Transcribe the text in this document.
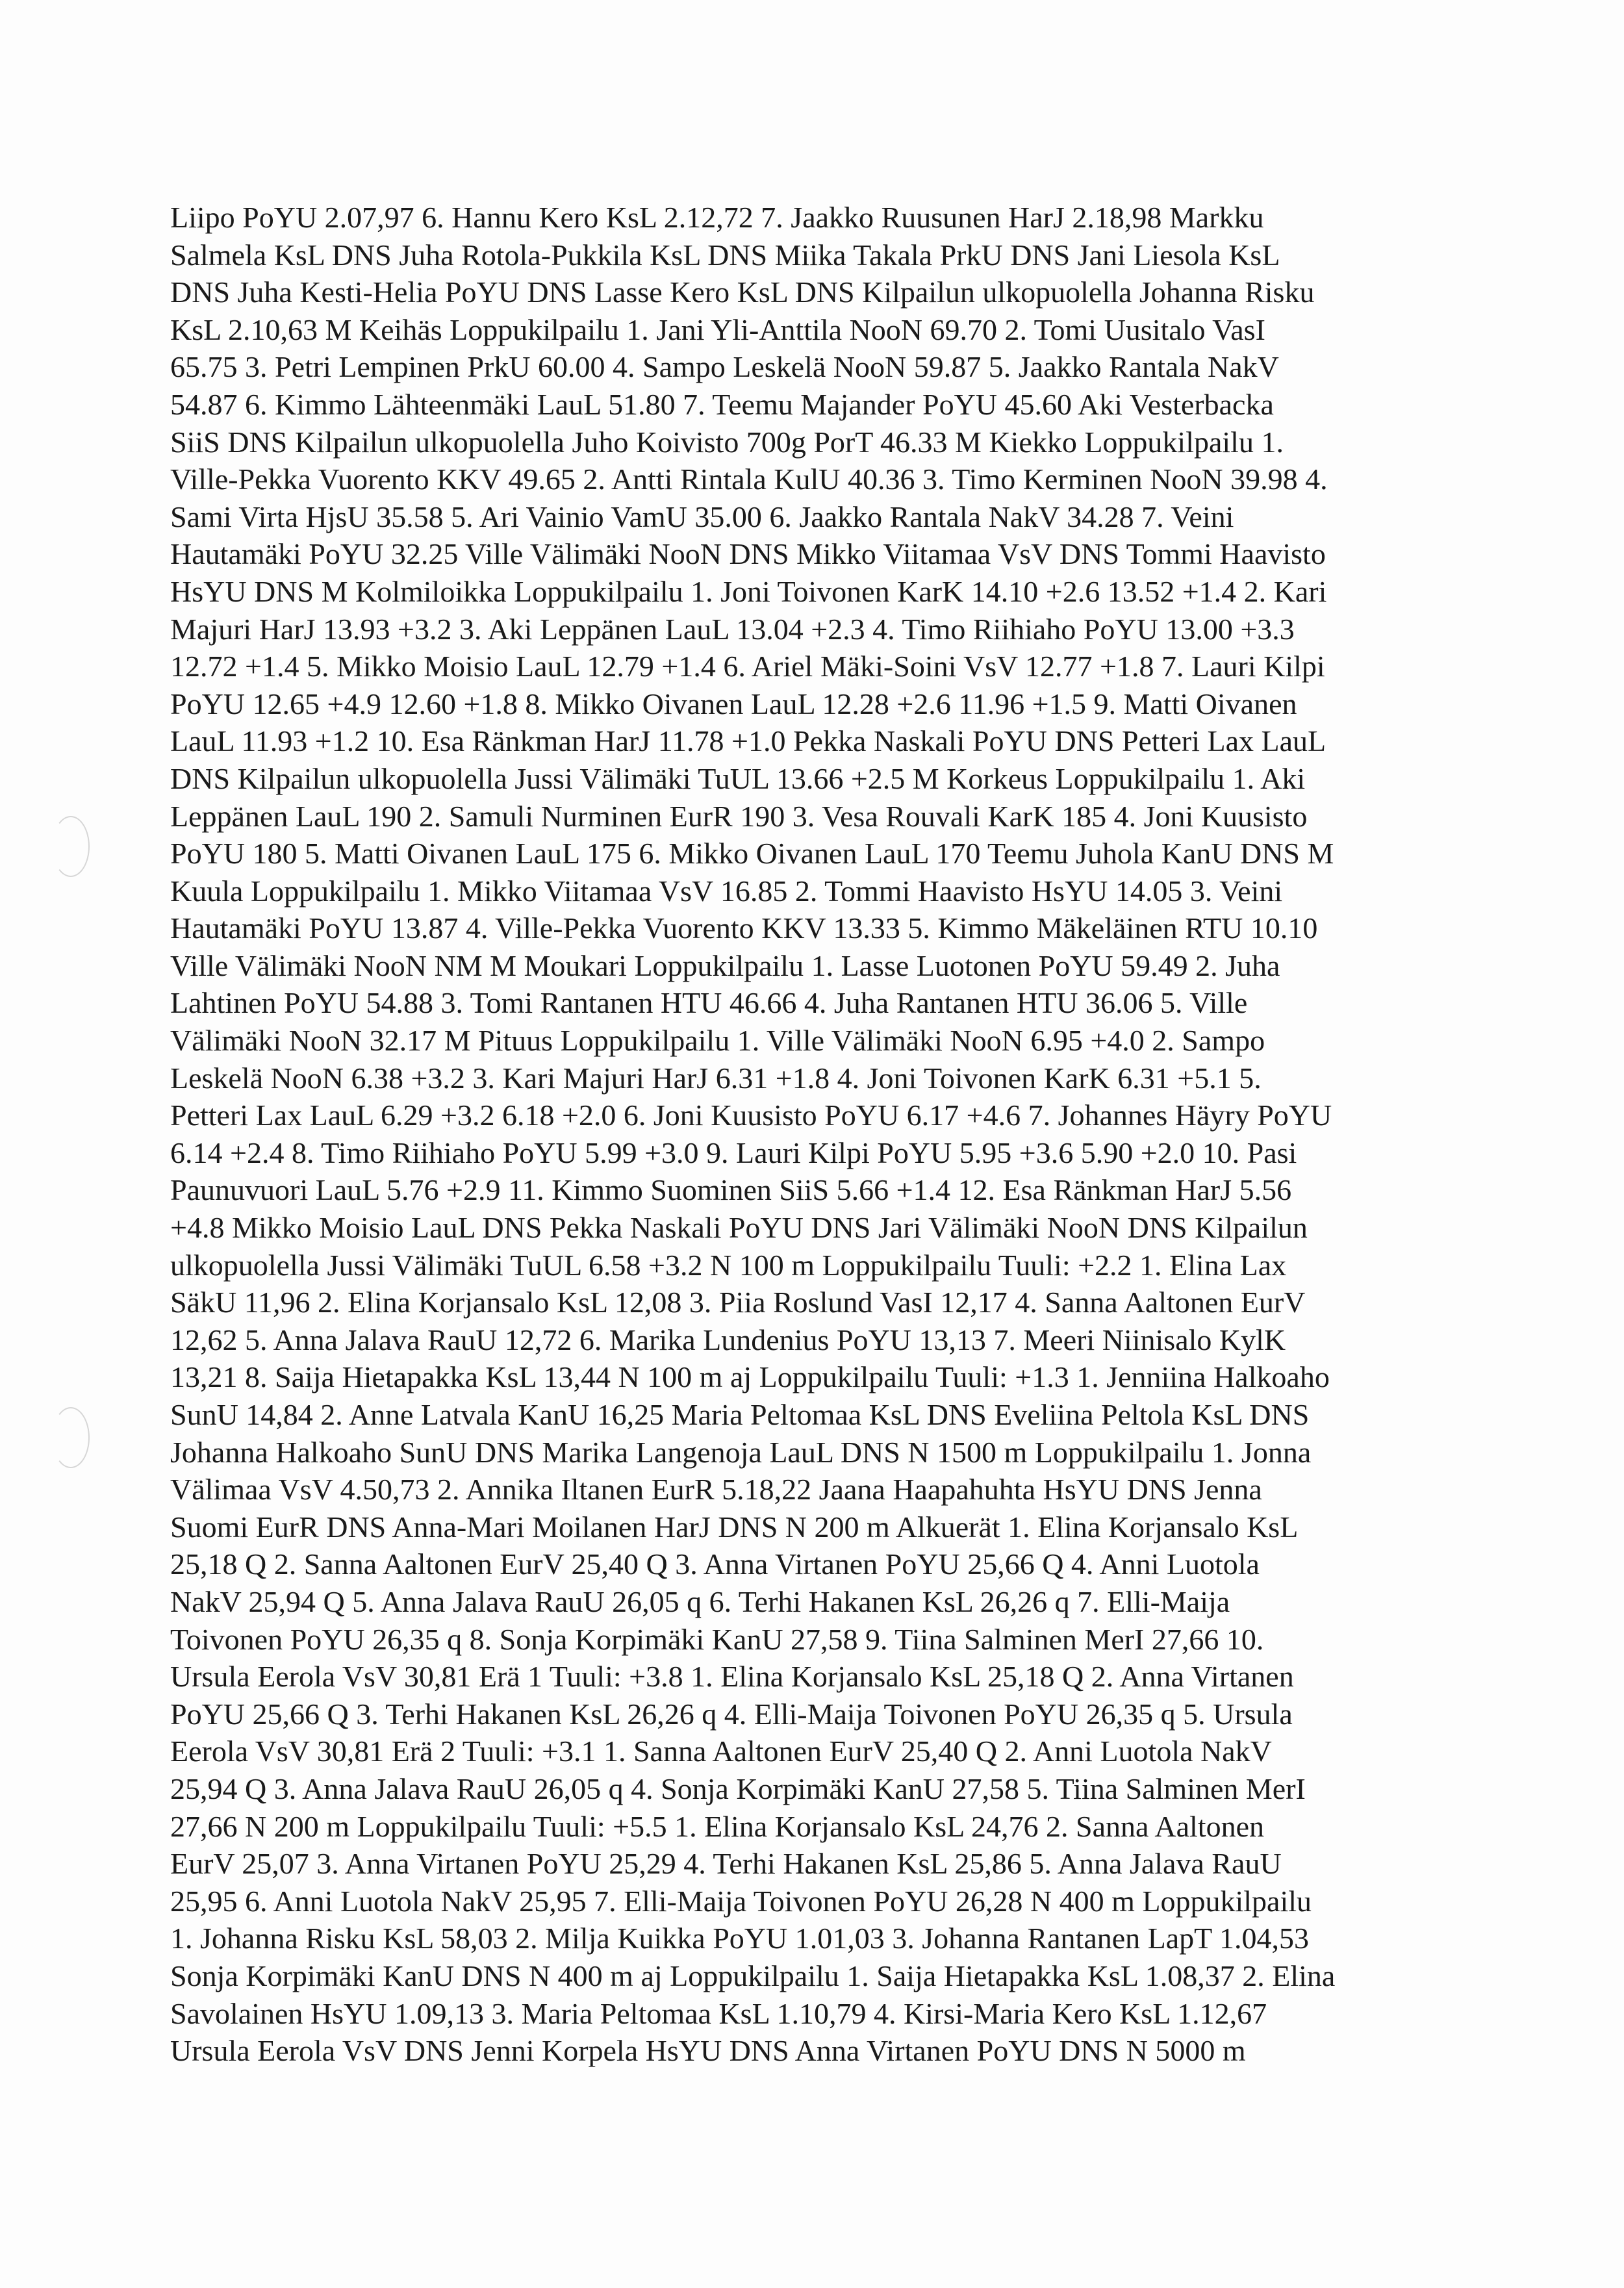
Liipo PoYU 2.07,97 6. Hannu Kero KsL 2.12,72 7. Jaakko Ruusunen HarJ 2.18,98 Markku
Salmela KsL DNS Juha Rotola-Pukkila KsL DNS Miika Takala PrkU DNS Jani Liesola KsL
DNS Juha Kesti-Helia PoYU DNS Lasse Kero KsL DNS Kilpailun ulkopuolella Johanna Risku
KsL 2.10,63 M Keihäs Loppukilpailu 1. Jani Yli-Anttila NooN 69.70 2. Tomi Uusitalo VasI
65.75 3. Petri Lempinen PrkU 60.00 4. Sampo Leskelä NooN 59.87 5. Jaakko Rantala NakV
54.87 6. Kimmo Lähteenmäki LauL 51.80 7. Teemu Majander PoYU 45.60 Aki Vesterbacka
SiiS DNS Kilpailun ulkopuolella Juho Koivisto 700g PorT 46.33 M Kiekko Loppukilpailu 1.
Ville-Pekka Vuorento KKV 49.65 2. Antti Rintala KulU 40.36 3. Timo Kerminen NooN 39.98 4.
Sami Virta HjsU 35.58 5. Ari Vainio VamU 35.00 6. Jaakko Rantala NakV 34.28 7. Veini
Hautamäki PoYU 32.25 Ville Välimäki NooN DNS Mikko Viitamaa VsV DNS Tommi Haavisto
HsYU DNS M Kolmiloikka Loppukilpailu 1. Joni Toivonen KarK 14.10 +2.6 13.52 +1.4 2. Kari
Majuri HarJ 13.93 +3.2 3. Aki Leppänen LauL 13.04 +2.3 4. Timo Riihiaho PoYU 13.00 +3.3
12.72 +1.4 5. Mikko Moisio LauL 12.79 +1.4 6. Ariel Mäki-Soini VsV 12.77 +1.8 7. Lauri Kilpi
PoYU 12.65 +4.9 12.60 +1.8 8. Mikko Oivanen LauL 12.28 +2.6 11.96 +1.5 9. Matti Oivanen
LauL 11.93 +1.2 10. Esa Ränkman HarJ 11.78 +1.0 Pekka Naskali PoYU DNS Petteri Lax LauL
DNS Kilpailun ulkopuolella Jussi Välimäki TuUL 13.66 +2.5 M Korkeus Loppukilpailu 1. Aki
Leppänen LauL 190 2. Samuli Nurminen EurR 190 3. Vesa Rouvali KarK 185 4. Joni Kuusisto
PoYU 180 5. Matti Oivanen LauL 175 6. Mikko Oivanen LauL 170 Teemu Juhola KanU DNS M
Kuula Loppukilpailu 1. Mikko Viitamaa VsV 16.85 2. Tommi Haavisto HsYU 14.05 3. Veini
Hautamäki PoYU 13.87 4. Ville-Pekka Vuorento KKV 13.33 5. Kimmo Mäkeläinen RTU 10.10
Ville Välimäki NooN NM M Moukari Loppukilpailu 1. Lasse Luotonen PoYU 59.49 2. Juha
Lahtinen PoYU 54.88 3. Tomi Rantanen HTU 46.66 4. Juha Rantanen HTU 36.06 5. Ville
Välimäki NooN 32.17 M Pituus Loppukilpailu 1. Ville Välimäki NooN 6.95 +4.0 2. Sampo
Leskelä NooN 6.38 +3.2 3. Kari Majuri HarJ 6.31 +1.8 4. Joni Toivonen KarK 6.31 +5.1 5.
Petteri Lax LauL 6.29 +3.2 6.18 +2.0 6. Joni Kuusisto PoYU 6.17 +4.6 7. Johannes Häyry PoYU
6.14 +2.4 8. Timo Riihiaho PoYU 5.99 +3.0 9. Lauri Kilpi PoYU 5.95 +3.6 5.90 +2.0 10. Pasi
Paunuvuori LauL 5.76 +2.9 11. Kimmo Suominen SiiS 5.66 +1.4 12. Esa Ränkman HarJ 5.56
+4.8 Mikko Moisio LauL DNS Pekka Naskali PoYU DNS Jari Välimäki NooN DNS Kilpailun
ulkopuolella Jussi Välimäki TuUL 6.58 +3.2 N 100 m Loppukilpailu Tuuli: +2.2 1. Elina Lax
SäkU 11,96 2. Elina Korjansalo KsL 12,08 3. Piia Roslund VasI 12,17 4. Sanna Aaltonen EurV
12,62 5. Anna Jalava RauU 12,72 6. Marika Lundenius PoYU 13,13 7. Meeri Niinisalo KylK
13,21 8. Saija Hietapakka KsL 13,44 N 100 m aj Loppukilpailu Tuuli: +1.3 1. Jenniina Halkoaho
SunU 14,84 2. Anne Latvala KanU 16,25 Maria Peltomaa KsL DNS Eveliina Peltola KsL DNS
Johanna Halkoaho SunU DNS Marika Langenoja LauL DNS N 1500 m Loppukilpailu 1. Jonna
Välimaa VsV 4.50,73 2. Annika Iltanen EurR 5.18,22 Jaana Haapahuhta HsYU DNS Jenna
Suomi EurR DNS Anna-Mari Moilanen HarJ DNS N 200 m Alkuerät 1. Elina Korjansalo KsL
25,18 Q 2. Sanna Aaltonen EurV 25,40 Q 3. Anna Virtanen PoYU 25,66 Q 4. Anni Luotola
NakV 25,94 Q 5. Anna Jalava RauU 26,05 q 6. Terhi Hakanen KsL 26,26 q 7. Elli-Maija
Toivonen PoYU 26,35 q 8. Sonja Korpimäki KanU 27,58 9. Tiina Salminen MerI 27,66 10.
Ursula Eerola VsV 30,81 Erä 1 Tuuli: +3.8 1. Elina Korjansalo KsL 25,18 Q 2. Anna Virtanen
PoYU 25,66 Q 3. Terhi Hakanen KsL 26,26 q 4. Elli-Maija Toivonen PoYU 26,35 q 5. Ursula
Eerola VsV 30,81 Erä 2 Tuuli: +3.1 1. Sanna Aaltonen EurV 25,40 Q 2. Anni Luotola NakV
25,94 Q 3. Anna Jalava RauU 26,05 q 4. Sonja Korpimäki KanU 27,58 5. Tiina Salminen MerI
27,66 N 200 m Loppukilpailu Tuuli: +5.5 1. Elina Korjansalo KsL 24,76 2. Sanna Aaltonen
EurV 25,07 3. Anna Virtanen PoYU 25,29 4. Terhi Hakanen KsL 25,86 5. Anna Jalava RauU
25,95 6. Anni Luotola NakV 25,95 7. Elli-Maija Toivonen PoYU 26,28 N 400 m Loppukilpailu
1. Johanna Risku KsL 58,03 2. Milja Kuikka PoYU 1.01,03 3. Johanna Rantanen LapT 1.04,53
Sonja Korpimäki KanU DNS N 400 m aj Loppukilpailu 1. Saija Hietapakka KsL 1.08,37 2. Elina
Savolainen HsYU 1.09,13 3. Maria Peltomaa KsL 1.10,79 4. Kirsi-Maria Kero KsL 1.12,67
Ursula Eerola VsV DNS Jenni Korpela HsYU DNS Anna Virtanen PoYU DNS N 5000 m
